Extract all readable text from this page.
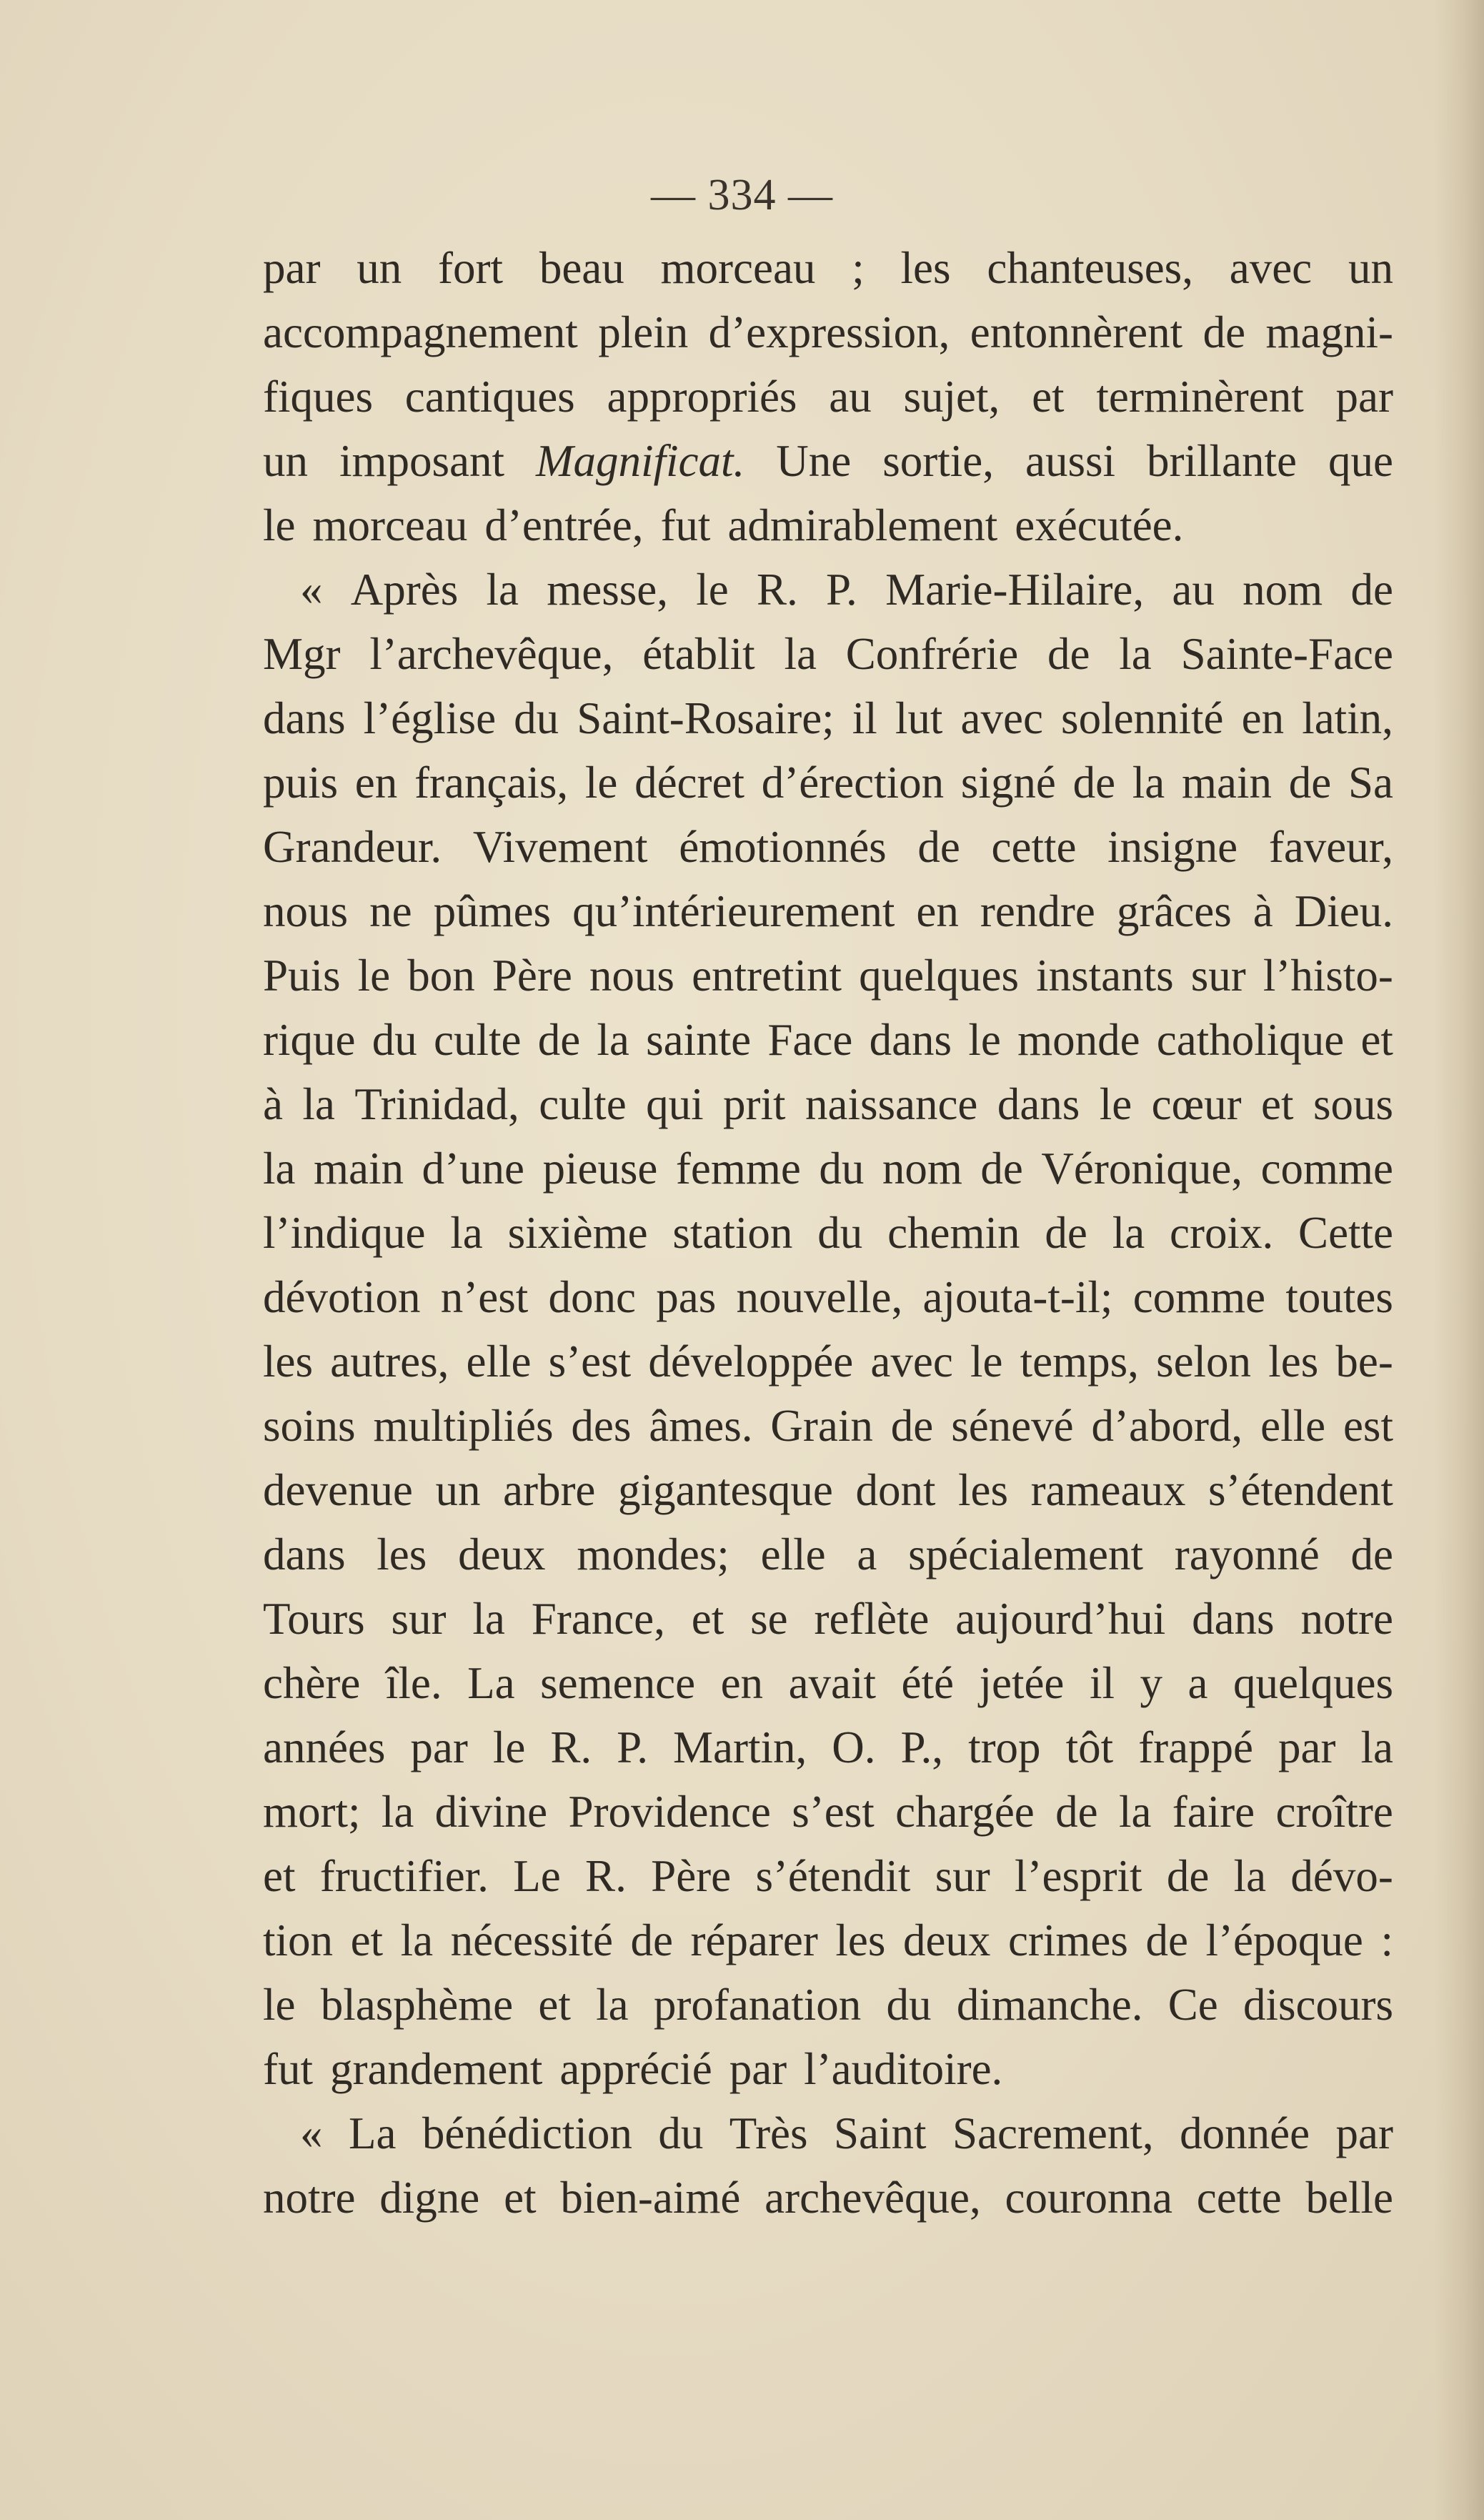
— 334 —
par un fort beau morceau ; les chanteuses, avec un
accompagnement plein d’expression, entonnèrent de magni-
fiques cantiques appropriés au sujet, et terminèrent par
un imposant Magnificat. Une sortie, aussi brillante que
le morceau d’entrée, fut admirablement exécutée.
« Après la messe, le R. P. Marie-Hilaire, au nom de
Mgr l’archevêque, établit la Confrérie de la Sainte-Face
dans l’église du Saint-Rosaire; il lut avec solennité en latin,
puis en français, le décret d’érection signé de la main de Sa
Grandeur. Vivement émotionnés de cette insigne faveur,
nous ne pûmes qu’intérieurement en rendre grâces à Dieu.
Puis le bon Père nous entretint quelques instants sur l’histo-
rique du culte de la sainte Face dans le monde catholique et
à la Trinidad, culte qui prit naissance dans le cœur et sous
la main d’une pieuse femme du nom de Véronique, comme
l’indique la sixième station du chemin de la croix. Cette
dévotion n’est donc pas nouvelle, ajouta-t-il; comme toutes
les autres, elle s’est développée avec le temps, selon les be-
soins multipliés des âmes. Grain de sénevé d’abord, elle est
devenue un arbre gigantesque dont les rameaux s’étendent
dans les deux mondes; elle a spécialement rayonné de
Tours sur la France, et se reflète aujourd’hui dans notre
chère île. La semence en avait été jetée il y a quelques
années par le R. P. Martin, O. P., trop tôt frappé par la
mort; la divine Providence s’est chargée de la faire croître
et fructifier. Le R. Père s’étendit sur l’esprit de la dévo-
tion et la nécessité de réparer les deux crimes de l’époque :
le blasphème et la profanation du dimanche. Ce discours
fut grandement apprécié par l’auditoire.
« La bénédiction du Très Saint Sacrement, donnée par
notre digne et bien-aimé archevêque, couronna cette belle
